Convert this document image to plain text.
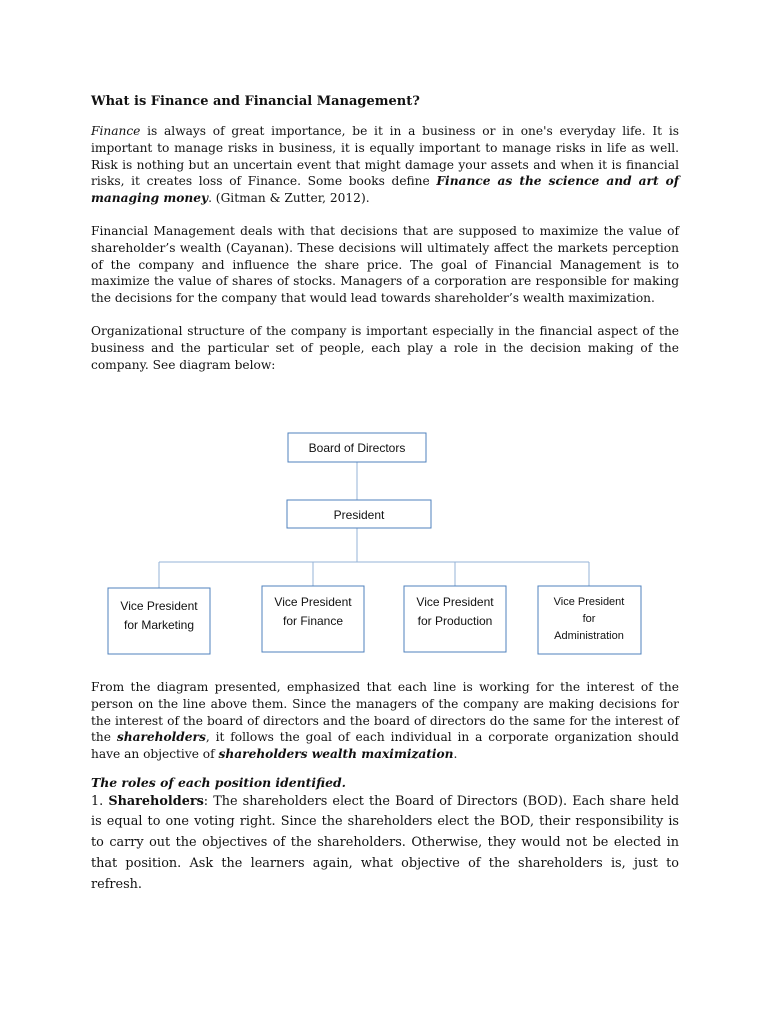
What is Finance and Financial Management?

Finance is always of great importance, be it in a business or in one's everyday life. It is important to manage risks in business, it is equally important to manage risks in life as well. Risk is nothing but an uncertain event that might damage your assets and when it is financial risks, it creates loss of Finance. Some books define Finance as the science and art of managing money. (Gitman & Zutter, 2012).

Financial Management deals with that decisions that are supposed to maximize the value of shareholder’s wealth (Cayanan). These decisions will ultimately affect the markets perception of the company and influence the share price. The goal of Financial Management is to maximize the value of shares of stocks. Managers of a corporation are responsible for making the decisions for the company that would lead towards shareholder’s wealth maximization.

Organizational structure of the company is important especially in the financial aspect of the business and the particular set of people, each play a role in the decision making of the company. See diagram below:

Board of Directors
President
Vice President
for Marketing
Vice President
for Finance
Vice President
for Production
Vice President
for
Administration

From the diagram presented, emphasized that each line is working for the interest of the person on the line above them. Since the managers of the company are making decisions for the interest of the board of directors and the board of directors do the same for the interest of the shareholders, it follows the goal of each individual in a corporate organization should have an objective of shareholders wealth maximization.

The roles of each position identified.

1. Shareholders: The shareholders elect the Board of Directors (BOD). Each share held is equal to one voting right. Since the shareholders elect the BOD, their responsibility is to carry out the objectives of the shareholders. Otherwise, they would not be elected in that position. Ask the learners again, what objective of the shareholders is, just to refresh.
